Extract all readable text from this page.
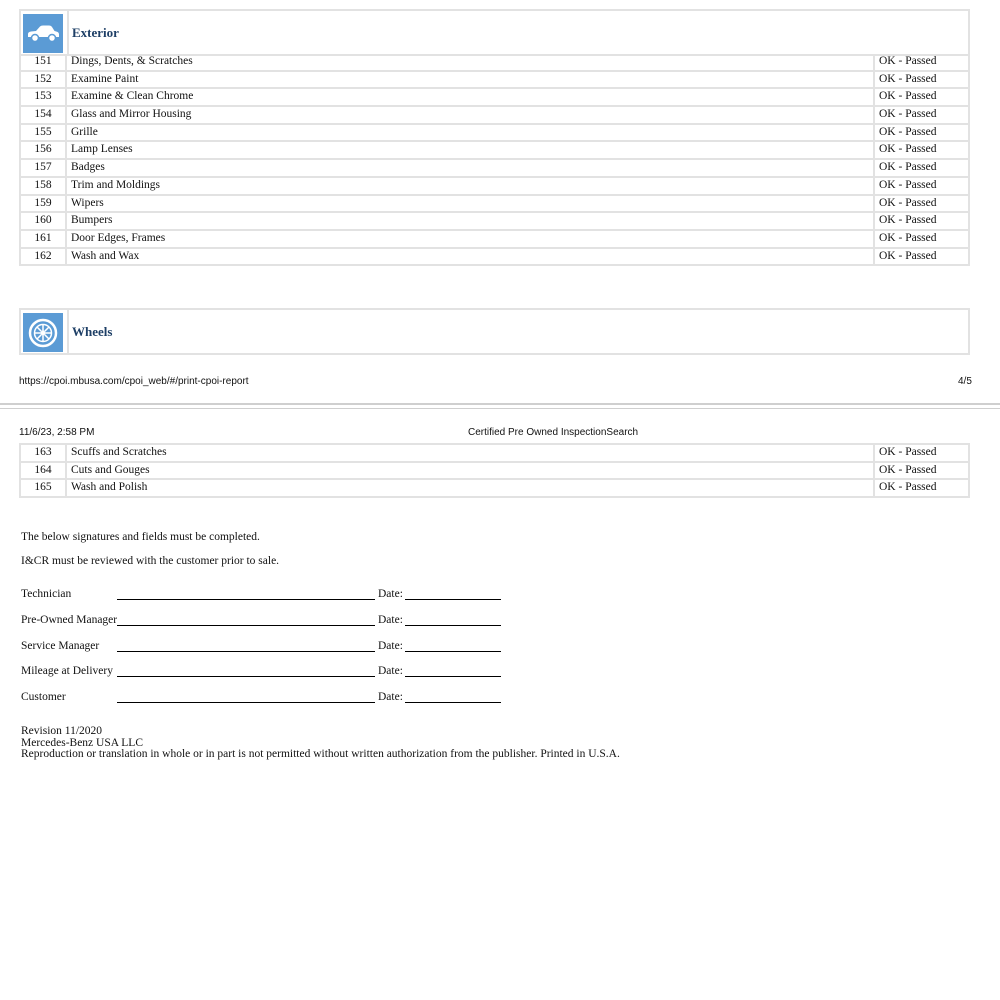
Exterior
151	Dings, Dents, & Scratches	OK - Passed
152	Examine Paint	OK - Passed
153	Examine & Clean Chrome	OK - Passed
154	Glass and Mirror Housing	OK - Passed
155	Grille	OK - Passed
156	Lamp Lenses	OK - Passed
157	Badges	OK - Passed
158	Trim and Moldings	OK - Passed
159	Wipers	OK - Passed
160	Bumpers	OK - Passed
161	Door Edges, Frames	OK - Passed
162	Wash and Wax	OK - Passed
Wheels
https://cpoi.mbusa.com/cpoi_web/#/print-cpoi-report	4/5
11/6/23, 2:58 PM	Certified Pre Owned InspectionSearch
163	Scuffs and Scratches	OK - Passed
164	Cuts and Gouges	OK - Passed
165	Wash and Polish	OK - Passed
The below signatures and fields must be completed.
I&CR must be reviewed with the customer prior to sale.
Technician	Date:
Pre-Owned Manager	Date:
Service Manager	Date:
Mileage at Delivery	Date:
Customer	Date:
Revision 11/2020
Mercedes-Benz USA LLC
Reproduction or translation in whole or in part is not permitted without written authorization from the publisher. Printed in U.S.A.
